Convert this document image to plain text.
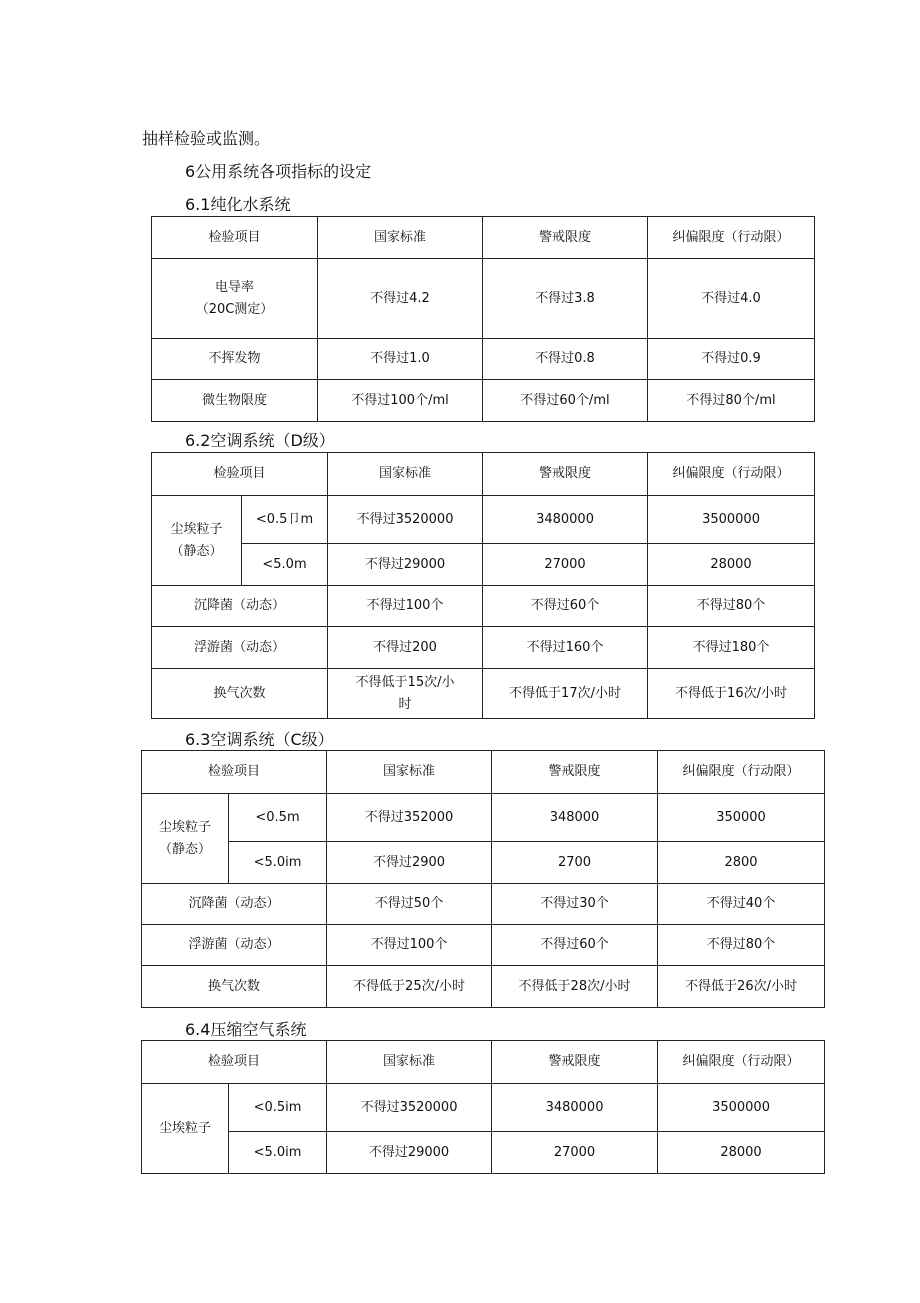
抽样检验或监测。
6公用系统各项指标的设定
6.1纯化水系统
检验项目	国家标准	警戒限度	纠偏限度（行动限）

电导率
（20C测定）	不得过4.2	不得过3.8	不得过4.0
不挥发物	不得过1.0	不得过0.8	不得过0.9
微生物限度	不得过100个/ml	不得过60个/ml	不得过80个/ml
6.2空调系统（D级）
检验项目		国家标准	警戒限度	纠偏限度（行动限）

尘埃粒子
（静态）	<0.5卩m	不得过3520000	3480000	3500000
	<5.0m	不得过29000	27000	28000
沉降菌（动态）		不得过100个	不得过60个	不得过80个
浮游菌（动态）		不得过200	不得过160个	不得过180个
换气次数		不得低于15次/小
时	不得低于17次/小时	不得低于16次/小时
6.3空调系统（C级）
检验项目		国家标准	警戒限度	纠偏限度（行动限）

尘埃粒子
（静态）	<0.5m	不得过352000	348000	350000
	<5.0im	不得过2900	2700	2800
沉降菌（动态）		不得过50个	不得过30个	不得过40个
浮游菌（动态）		不得过100个	不得过60个	不得过80个
换气次数		不得低于25次/小时	不得低于28次/小时	不得低于26次/小时
6.4压缩空气系统
检验项目		国家标准	警戒限度	纠偏限度（行动限）
尘埃粒子	<0.5im	不得过3520000	3480000	3500000
	<5.0im	不得过29000	27000	28000
